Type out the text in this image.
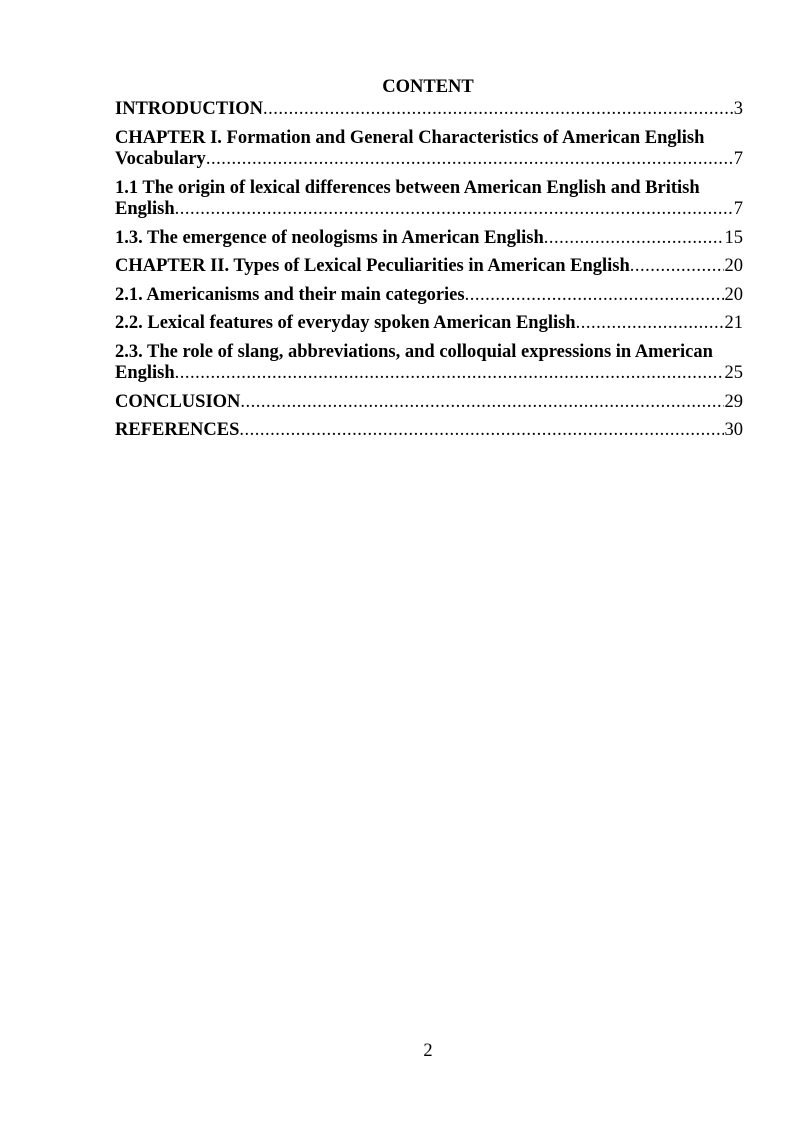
CONTENT
INTRODUCTION .....	3
CHAPTER I. Formation and General Characteristics of American English
Vocabulary .....	7
1.1 The origin of lexical differences between American English and British
English .....	7
1.3. The emergence of neologisms in American English .....	15
CHAPTER II. Types of Lexical Peculiarities in American English .....	20
2.1. Americanisms and their main categories .....	20
2.2. Lexical features of everyday spoken American English .....	21
2.3. The role of slang, abbreviations, and colloquial expressions in American
English .....	25
CONCLUSION .....	29
REFERENCES .....	30
2
